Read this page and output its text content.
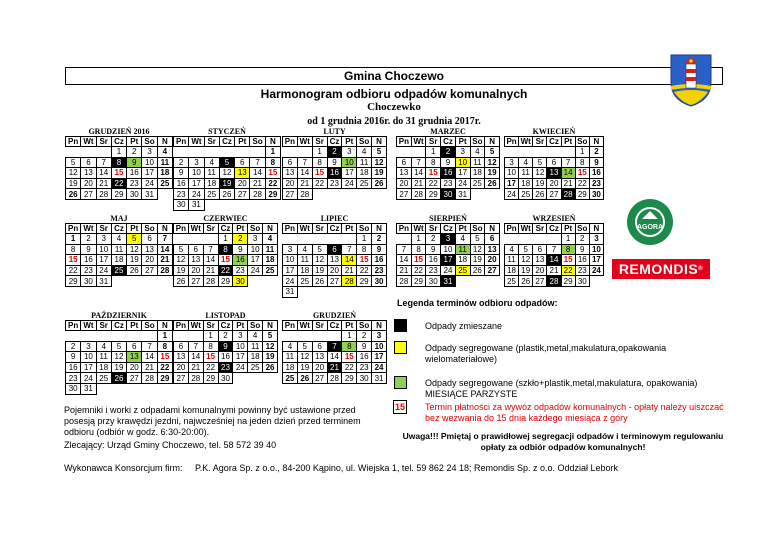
Gmina Choczewo
Harmonogram odbioru odpadów komunalnych
Choczewko
od 1 grudnia 2016r. do 31 grudnia 2017r.
GRUDZIEŃ 2016
Pn	Wt	Sr	Cz	Pt	So	N
			1	2	3	4
5	6	7	8	9	10	11
12	13	14	15	16	17	18
19	20	21	22	23	24	25
26	27	28	29	30	31	
STYCZEŃ
Pn	Wt	Sr	Cz	Pt	So	N
						1
2	3	4	5	6	7	8
9	10	11	12	13	14	15
16	17	18	19	20	21	22
23	24	25	26	27	28	29
30	31					
LUTY
Pn	Wt	Sr	Cz	Pt	So	N
		1	2	3	4	5
6	7	8	9	10	11	12
13	14	15	16	17	18	19
20	21	22	23	24	25	26
27	28					
MARZEC
Pn	Wt	Sr	Cz	Pt	So	N
		1	2	3	4	5
6	7	8	9	10	11	12
13	14	15	16	17	18	19
20	21	22	23	24	25	26
27	28	29	30	31		
KWIECIEŃ
Pn	Wt	Sr	Cz	Pt	So	N
					1	2
3	4	5	6	7	8	9
10	11	12	13	14	15	16
17	18	19	20	21	22	23
24	25	26	27	28	29	30
MAJ
Pn	Wt	Sr	Cz	Pt	So	N
1	2	3	4	5	6	7
8	9	10	11	12	13	14
15	16	17	18	19	20	21
22	23	24	25	26	27	28
29	30	31				
CZERWIEC
Pn	Wt	Sr	Cz	Pt	So	N
			1	2	3	4
5	6	7	8	9	10	11
12	13	14	15	16	17	18
19	20	21	22	23	24	25
26	27	28	29	30		
LIPIEC
Pn	Wt	Sr	Cz	Pt	So	N
					1	2
3	4	5	6	7	8	9
10	11	12	13	14	15	16
17	18	19	20	21	22	23
24	25	26	27	28	29	30
31						
SIERPIEŃ
Pn	Wt	Sr	Cz	Pt	So	N
	1	2	3	4	5	6
7	8	9	10	11	12	13
14	15	16	17	18	19	20
21	22	23	24	25	26	27
28	29	30	31			
WRZESIEŃ
Pn	Wt	Sr	Cz	Pt	So	N
				1	2	3
4	5	6	7	8	9	10
11	12	13	14	15	16	17
18	19	20	21	22	23	24
25	26	27	28	29	30	
PAŹDZIERNIK
Pn	Wt	Sr	Cz	Pt	So	N
						1
2	3	4	5	6	7	8
9	10	11	12	13	14	15
16	17	18	19	20	21	22
23	24	25	26	27	28	29
30	31					
LISTOPAD
Pn	Wt	Sr	Cz	Pt	So	N
		1	2	3	4	5
6	7	8	9	10	11	12
13	14	15	16	17	18	19
20	21	22	23	24	25	26
27	28	29	30			
GRUDZIEŃ
Pn	Wt	Sr	Cz	Pt	So	N
				1	2	3
4	5	6	7	8	9	10
11	12	13	14	15	16	17
18	19	20	21	22	23	24
25	26	27	28	29	30	31
AGORA
REMONDIS®
Legenda terminów odbioru odpadów:
Odpady zmieszane
Odpady segregowane (plastik,metal,makulatura,opakowania wielomateriałowe)
Odpady segregowane (szkło+plastik,metal,makulatura, opakowania) MIESIĄCE PARZYSTE
15 Termin płatności za wywóz odpadów komunalnych - opłaty należy uiszczać bez wezwania do 15 dnia każdego miesiąca z góry
Pojemniki i worki z odpadami komunalnymi powinny być ustawione przed posesją przy krawędzi jezdni, najwcześniej na jeden dzień przed terminem odbioru (odbiór w godz. 6:30-20:00).
Zlecający: Urząd Gminy Choczewo, tel. 58 572 39 40
Uwaga!!! Pmiętaj o prawidłowej segregacji odpadów i terminowym regulowaniu opłaty za odbiór odpadów komunalnych!
Wykonawca Konsorcjum firm:     P.K. Agora Sp. z o.o., 84-200 Kąpino, ul. Wiejska 1, tel. 59 862 24 18; Remondis Sp. z o.o. Oddział Lebork
